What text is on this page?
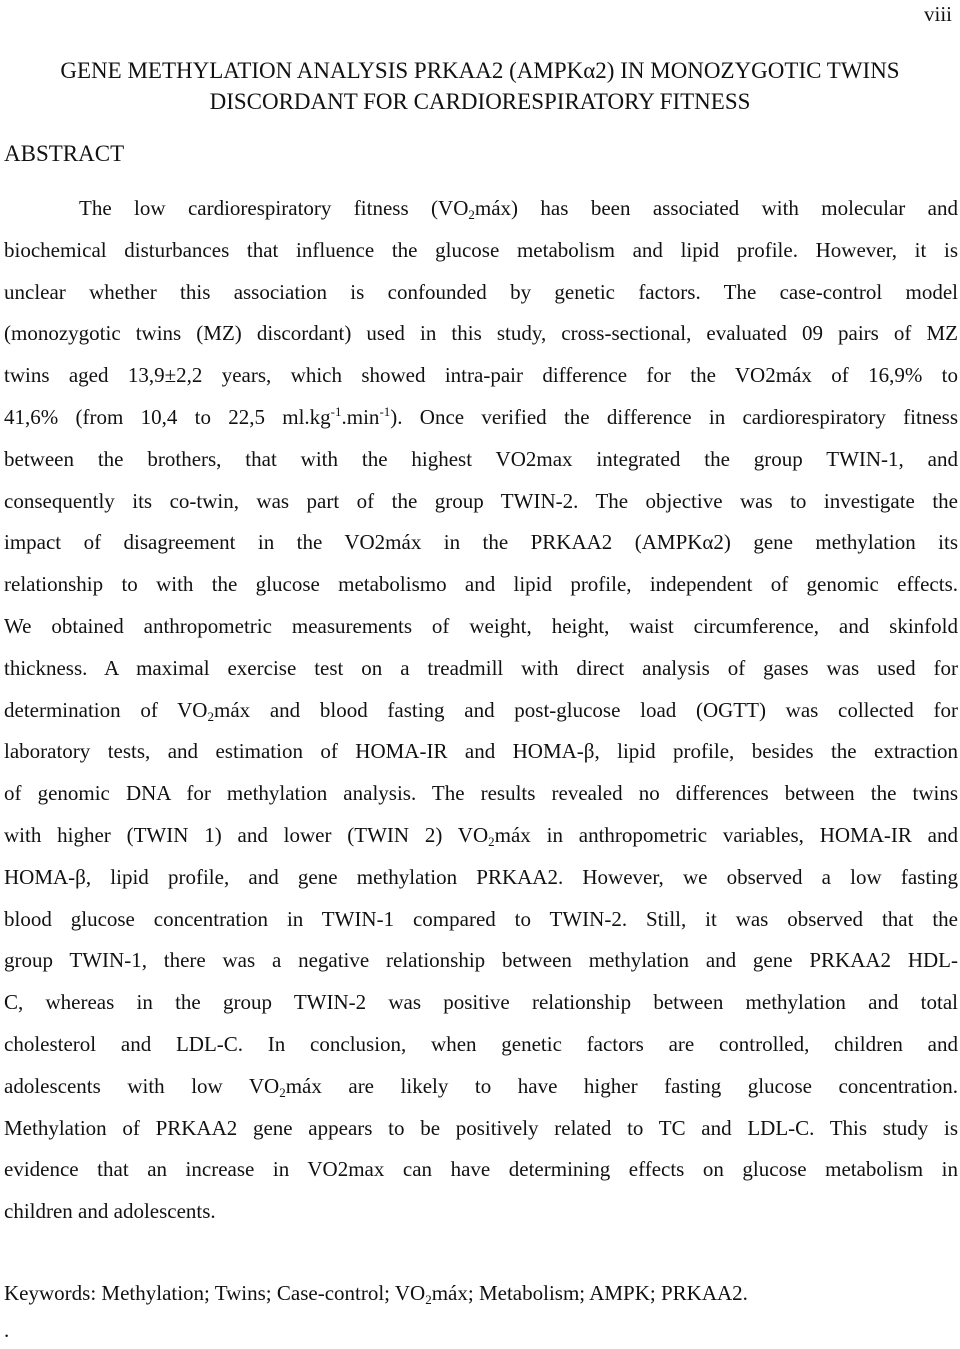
viii
GENE METHYLATION ANALYSIS PRKAA2 (AMPKα2) IN MONOZYGOTIC TWINS
DISCORDANT FOR CARDIORESPIRATORY FITNESS
ABSTRACT
The low cardiorespiratory fitness $(VO_2máx)$ has been associated with molecular and
biochemical disturbances that influence the glucose metabolism and lipid profile. However, it is
unclear whether this association is confounded by genetic factors. The case-control model
(monozygotic twins (MZ) discordant) used in this study, cross-sectional, evaluated 09 pairs of MZ
twins aged 13,9±2,2 years, which showed intra-pair difference for the VO2máx of 16,9% to
41,6% (from 10,4 to 22,5 $ml.kg^{-1}.\min^{-1}$). Once verified the difference in cardiorespiratory fitness
between the brothers, that with the highest VO2max integrated the group TWIN-1, and
consequently its co-twin, was part of the group TWIN-2. The objective was to investigate the
impact of disagreement in the VO2máx in the PRKAA2 (AMPKα2) gene methylation its
relationship to with the glucose metabolismo and lipid profile, independent of genomic effects.
We obtained anthropometric measurements of weight, height, waist circumference, and skinfold
thickness. A maximal exercise test on a treadmill with direct analysis of gases was used for
determination of $VO_2máx$ and blood fasting and post-glucose load (OGTT) was collected for
laboratory tests, and estimation of HOMA-IR and HOMA-β, lipid profile, besides the extraction
of genomic DNA for methylation analysis. The results revealed no differences between the twins
with higher (TWIN 1) and lower (TWIN 2) $VO_2máx$ in anthropometric variables, HOMA-IR and
HOMA-β, lipid profile, and gene methylation PRKAA2. However, we observed a low fasting
blood glucose concentration in TWIN-1 compared to TWIN-2. Still, it was observed that the
group TWIN-1, there was a negative relationship between methylation and gene PRKAA2 HDL-
C, whereas in the group TWIN-2 was positive relationship between methylation and total
cholesterol and LDL-C. In conclusion, when genetic factors are controlled, children and
adolescents with low $VO_2máx$ are likely to have higher fasting glucose concentration.
Methylation of PRKAA2 gene appears to be positively related to TC and LDL-C. This study is
evidence that an increase in VO2max can have determining effects on glucose metabolism in
children and adolescents.
Keywords: Methylation; Twins; Case-control; $VO_2máx$; Metabolism; AMPK; PRKAA2.
.
